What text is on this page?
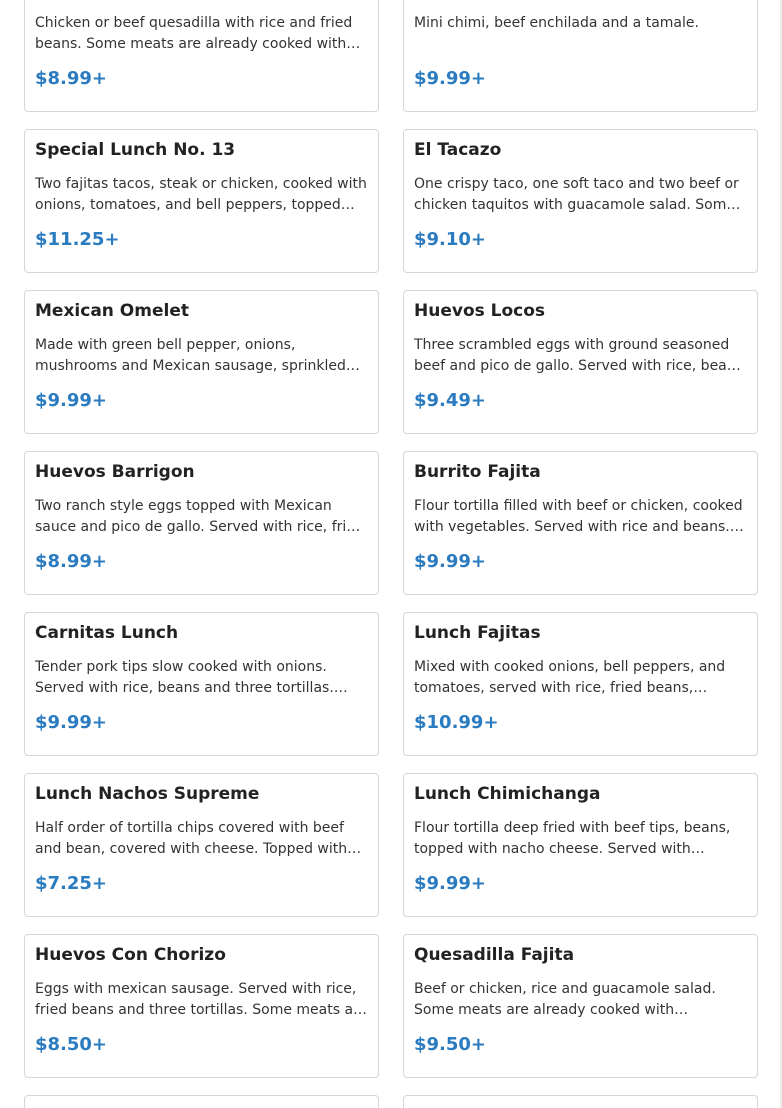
Chicken or beef quesadilla with rice and fried beans. Some meats are already cooked with…
$8.99+
Mini chimi, beef enchilada and a tamale.
$9.99+
Special Lunch No. 13
Two fajitas tacos, steak or chicken, cooked with onions, tomatoes, and bell peppers, topped…
$11.25+
El Tacazo
One crispy taco, one soft taco and two beef or chicken taquitos with guacamole salad. Som…
$9.10+
Mexican Omelet
Made with green bell pepper, onions, mushrooms and Mexican sausage, sprinkled…
$9.99+
Huevos Locos
Three scrambled eggs with ground seasoned beef and pico de gallo. Served with rice, bea…
$9.49+
Huevos Barrigon
Two ranch style eggs topped with Mexican sauce and pico de gallo. Served with rice, fri…
$8.99+
Burrito Fajita
Flour tortilla filled with beef or chicken, cooked with vegetables. Served with rice and beans.…
$9.99+
Carnitas Lunch
Tender pork tips slow cooked with onions. Served with rice, beans and three tortillas.…
$9.99+
Lunch Fajitas
Mixed with cooked onions, bell peppers, and tomatoes, served with rice, fried beans,…
$10.99+
Lunch Nachos Supreme
Half order of tortilla chips covered with beef and bean, covered with cheese. Topped with…
$7.25+
Lunch Chimichanga
Flour tortilla deep fried with beef tips, beans, topped with nacho cheese. Served with…
$9.99+
Huevos Con Chorizo
Eggs with mexican sausage. Served with rice, fried beans and three tortillas. Some meats a…
$8.50+
Quesadilla Fajita
Beef or chicken, rice and guacamole salad. Some meats are already cooked with…
$9.50+
